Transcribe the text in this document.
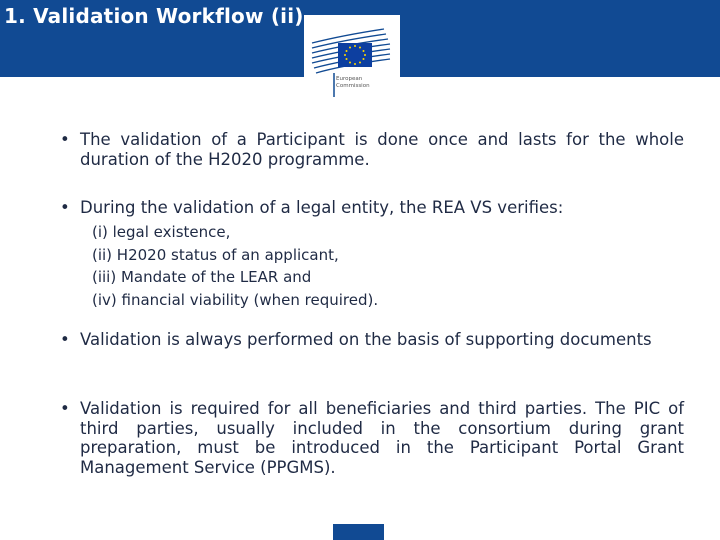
1. Validation Workflow (ii)
European
Commission
• The validation of a Participant is done once and lasts for the whole duration of the H2020 programme.
• During the validation of a legal entity, the REA VS verifies:
• Validation is always performed on the basis of supporting documents
• Validation is required for all beneficiaries and third parties. The PIC of third parties, usually included in the consortium during grant preparation, must be introduced in the Participant Portal Grant Management Service (PPGMS).
(i) legal existence,
(ii) H2020 status of an applicant,
(iii) Mandate of the LEAR and
(iv) financial viability (when required).
